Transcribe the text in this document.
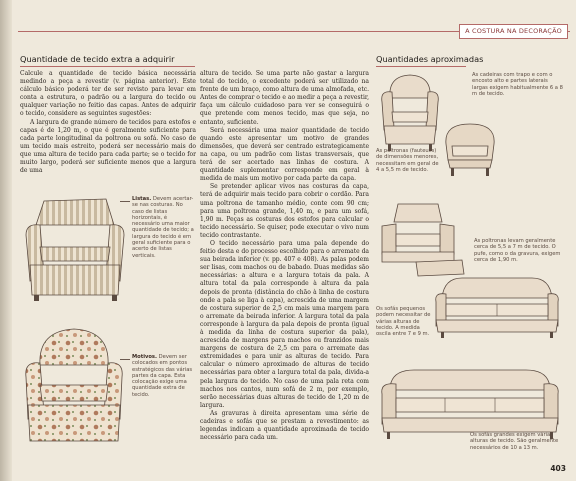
A COSTURA NA DECORAÇÃO
Quantidade de tecido extra a adquirir

Calcule a quantidade de tecido básica necessária medindo a peça a revestir (v. página anterior). Este cálculo básico poderá ter de ser revisto para levar em conta a estrutura, o padrão ou a largura do tecido ou qualquer variação no feitio das capas. Antes de adquirir o tecido, considere as seguintes sugestões:

A largura de grande número de tecidos para estofos e capas é de 1,20 m, o que é geralmente suficiente para cada parte longitudinal da poltrona ou sofá. No caso de um tecido mais estreito, poderá ser necessário mais do que uma altura de tecido para cada parte; se o tecido for muito largo, poderá ser suficiente menos que a largura de uma

Listas. Devem acertar-se nas costuras. No caso de listas horizontais, é necessário uma maior quantidade de tecido; a largura do tecido é em geral suficiente para o acerto de listas verticais.
Motivos. Devem ser colocados em pontos estratégicos das várias partes da capa. Esta colocação exige uma quantidade extra de tecido.

altura de tecido. Se uma parte não gastar a largura total do tecido, o excedente poderá ser utilizado na frente de um braço, como altura de uma almofada, etc. Antes de comprar o tecido e ao medir a peça a revestir, faça um cálculo cuidadoso para ver se conseguirá o que pretende com menos tecido, mas que seja, no entanto, suficiente.

Será necessária uma maior quantidade de tecido quando este apresentar um motivo de grandes dimensões, que deverá ser centrado estrategicamente na capa, ou um padrão com listas transversais, que terá de ser acertado nas linhas de costura. A quantidade suplementar corresponde em geral à medida de mais um motivo por cada parte da capa.

Se pretender aplicar vivos nas costuras da capa, terá de adquirir mais tecido para cobrir o cordão. Para uma poltrona de tamanho médio, conte com 90 cm; para uma poltrona grande, 1,40 m, e para um sofá, 1,90 m. Peças as costuras dos estofos para calcular o tecido necessário. Se quiser, pode executar o vivo num tecido contrastante.

O tecido necessário para uma pala depende do feitio desta e do processo escolhido para o arremate da sua beirada inferior (v. pp. 407 e 408). As palas podem ser lisas, com machos ou de babado. Duas medidas são necessárias: a altura e a largura totais da pala. A altura total da pala corresponde à altura da pala depois de pronta (distância do chão à linha de costura onde a pala se liga à capa), acrescida de uma margem de costura superior de 2,5 cm mais uma margem para o arremate da beirada inferior. A largura total da pala corresponde à largura da pala depois de pronta (igual à medida da linha de costura superior da pala), acrescida de margens para machos ou franzidos mais margens de costura de 2,5 cm para o arremate das extremidades e para unir as alturas de tecido. Para calcular o número aproximado de alturas de tecido necessárias para obter a largura total da pala, divida-a pela largura do tecido. No caso de uma pala reta com machos nos cantos, num sofá de 2 m, por exemplo, serão necessárias duas alturas de tecido de 1,20 m de largura.

As gravuras à direita apresentam uma série de cadeiras e sofás que se prestam a revestimento: as legendas indicam a quantidade aproximada de tecido necessário para cada um.

Quantidades aproximadas
As cadeiras com trapo e com o encosto alto e partes laterais largas exigem habitualmente 6 a 8 m de tecido.
As poltronas (fauteuils) de dimensões menores, necessitam em geral de 4 a 5,5 m de tecido.
As poltronas levam geralmente cerca de 5,5 a 7 m de tecido. O pufe, como o da gravura, exigem cerca de 1,90 m.
Os sofás pequenos podem necessitar de várias alturas de tecido. A medida oscila entre 7 e 9 m.
Os sofás grandes exigem várias alturas de tecido. São geralmente necessários de 10 a 13 m.
403
